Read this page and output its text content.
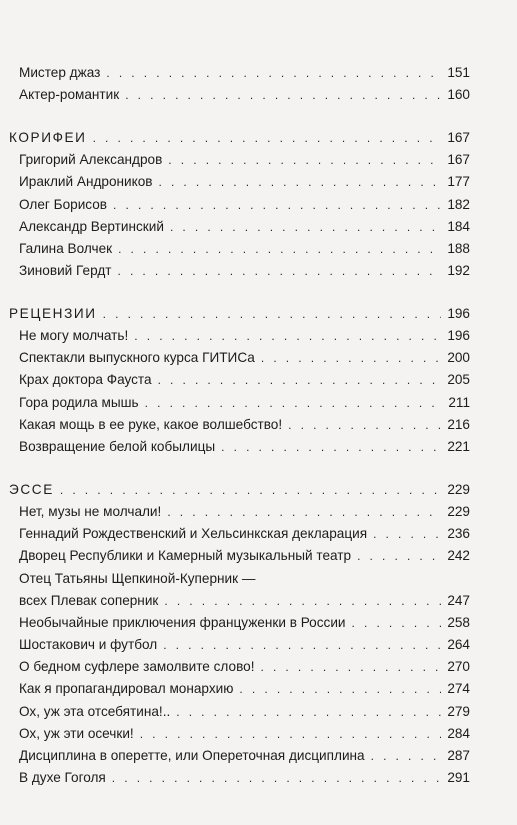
Мистер джаз . . .	151
Актер-романтик . . .	160
КОРИФЕИ . . .	167
Григорий Александров . . .	167
Ираклий Андроников . . .	177
Олег Борисов . . .	182
Александр Вертинский . . .	184
Галина Волчек . . .	188
Зиновий Гердт . . .	192
РЕЦЕНЗИИ . . .	196
Не могу молчать! . . .	196
Спектакли выпускного курса ГИТИСа . . .	200
Крах доктора Фауста . . .	205
Гора родила мышь . . .	211
Какая мощь в ее руке, какое волшебство! . . .	216
Возвращение белой кобылицы . . .	221
ЭССЕ . . .	229
Нет, музы не молчали! . . .	229
Геннадий Рождественский и Хельсинкская декларация . . .	236
Дворец Республики и Камерный музыкальный театр . . .	242
Отец Татьяны Щепкиной-Куперник —
всех Плевак соперник . . .	247
Необычайные приключения француженки в России . . .	258
Шостакович и футбол . . .	264
О бедном суфлере замолвите слово! . . .	270
Как я пропагандировал монархию . . .	274
Ох, уж эта отсебятина!.. . . .	279
Ох, уж эти осечки! . . .	284
Дисциплина в оперетте, или Опереточная дисциплина . . .	287
В духе Гоголя . . .	291
